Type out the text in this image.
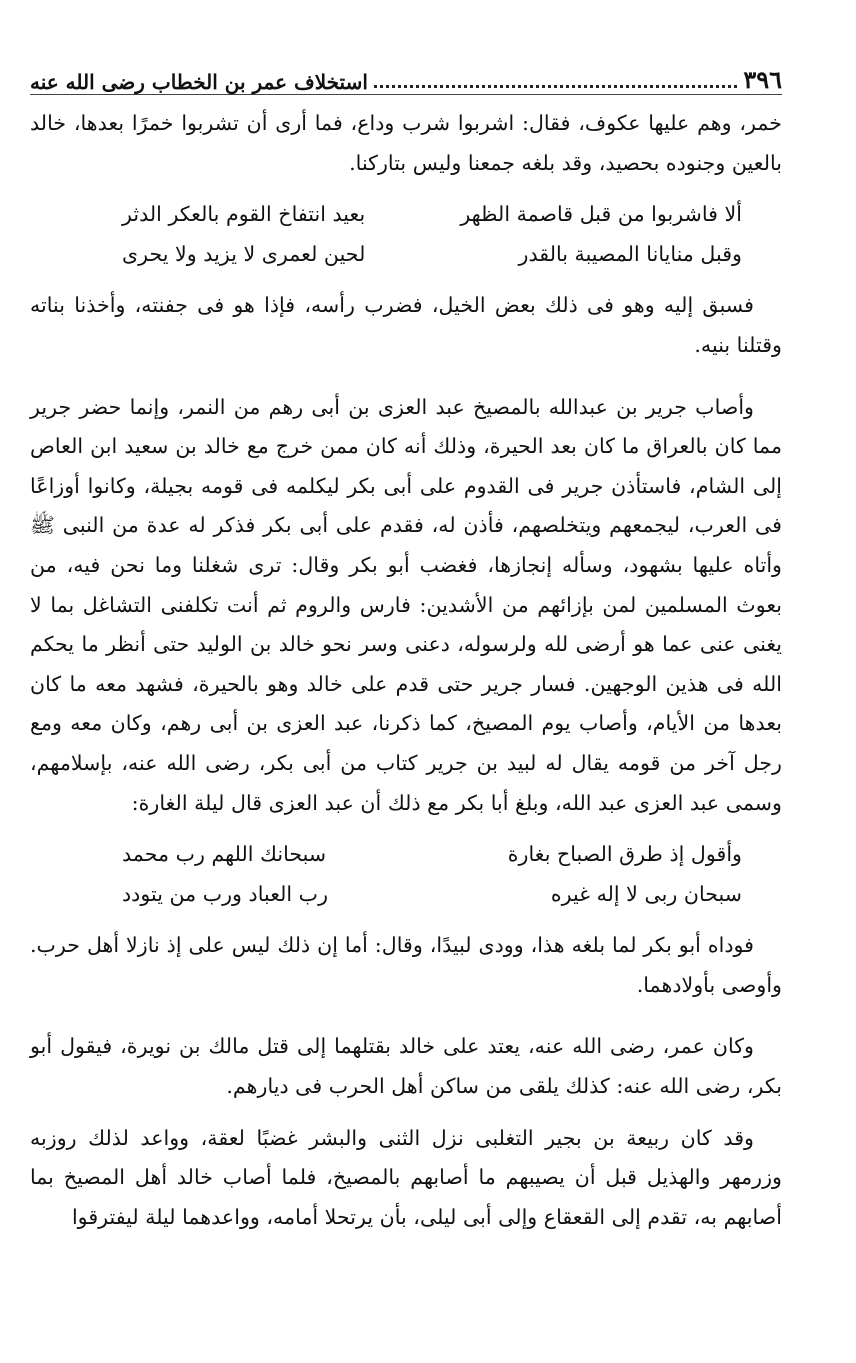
٣٩٦
استخلاف عمر بن الخطاب رضى الله عنه

خمر، وهم عليها عكوف، فقال: اشربوا شرب وداع، فما أرى أن تشربوا خمرًا بعدها، خالد بالعين وجنوده بحصيد، وقد بلغه جمعنا وليس بتاركنا.

ألا فاشربوا من قبل قاصمة الظهر
بعيد انتفاخ القوم بالعكر الدثر
وقبل منايانا المصيبة بالقدر
لحين لعمرى لا يزيد ولا يحرى

فسبق إليه وهو فى ذلك بعض الخيل، فضرب رأسه، فإذا هو فى جفنته، وأخذنا بناته وقتلنا بنيه.

وأصاب جرير بن عبدالله بالمصيخ عبد العزى بن أبى رهم من النمر، وإنما حضر جرير مما كان بالعراق ما كان بعد الحيرة، وذلك أنه كان ممن خرج مع خالد بن سعيد ابن العاص إلى الشام، فاستأذن جرير فى القدوم على أبى بكر ليكلمه فى قومه بجيلة، وكانوا أوزاعًا فى العرب، ليجمعهم ويتخلصهم، فأذن له، فقدم على أبى بكر فذكر له عدة من النبى ﷺ وأتاه عليها بشهود، وسأله إنجازها، فغضب أبو بكر وقال: ترى شغلنا وما نحن فيه، من بعوث المسلمين لمن بإزائهم من الأشدين: فارس والروم ثم أنت تكلفنى التشاغل بما لا يغنى عنى عما هو أرضى لله ولرسوله، دعنى وسر نحو خالد بن الوليد حتى أنظر ما يحكم الله فى هذين الوجهين. فسار جرير حتى قدم على خالد وهو بالحيرة، فشهد معه ما كان بعدها من الأيام، وأصاب يوم المصيخ، كما ذكرنا، عبد العزى بن أبى رهم، وكان معه ومع رجل آخر من قومه يقال له لبيد بن جرير كتاب من أبى بكر، رضى الله عنه، بإسلامهم، وسمى عبد العزى عبد الله، وبلغ أبا بكر مع ذلك أن عبد العزى قال ليلة الغارة:

وأقول إذ طرق الصباح بغارة
سبحانك اللهم رب محمد
سبحان ربى لا إله غيره
رب العباد ورب من يتودد

فوداه أبو بكر لما بلغه هذا، وودى لبيدًا، وقال: أما إن ذلك ليس على إذ نازلا أهل حرب. وأوصى بأولادهما.

وكان عمر، رضى الله عنه، يعتد على خالد بقتلهما إلى قتل مالك بن نويرة، فيقول أبو بكر، رضى الله عنه: كذلك يلقى من ساكن أهل الحرب فى ديارهم.

وقد كان ربيعة بن بجير التغلبى نزل الثنى والبشر غضبًا لعقة، وواعد لذلك روزبه وزرمهر والهذيل قبل أن يصيبهم ما أصابهم بالمصيخ، فلما أصاب خالد أهل المصيخ بما أصابهم به، تقدم إلى القعقاع وإلى أبى ليلى، بأن يرتحلا أمامه، وواعدهما ليلة ليفترقوا
